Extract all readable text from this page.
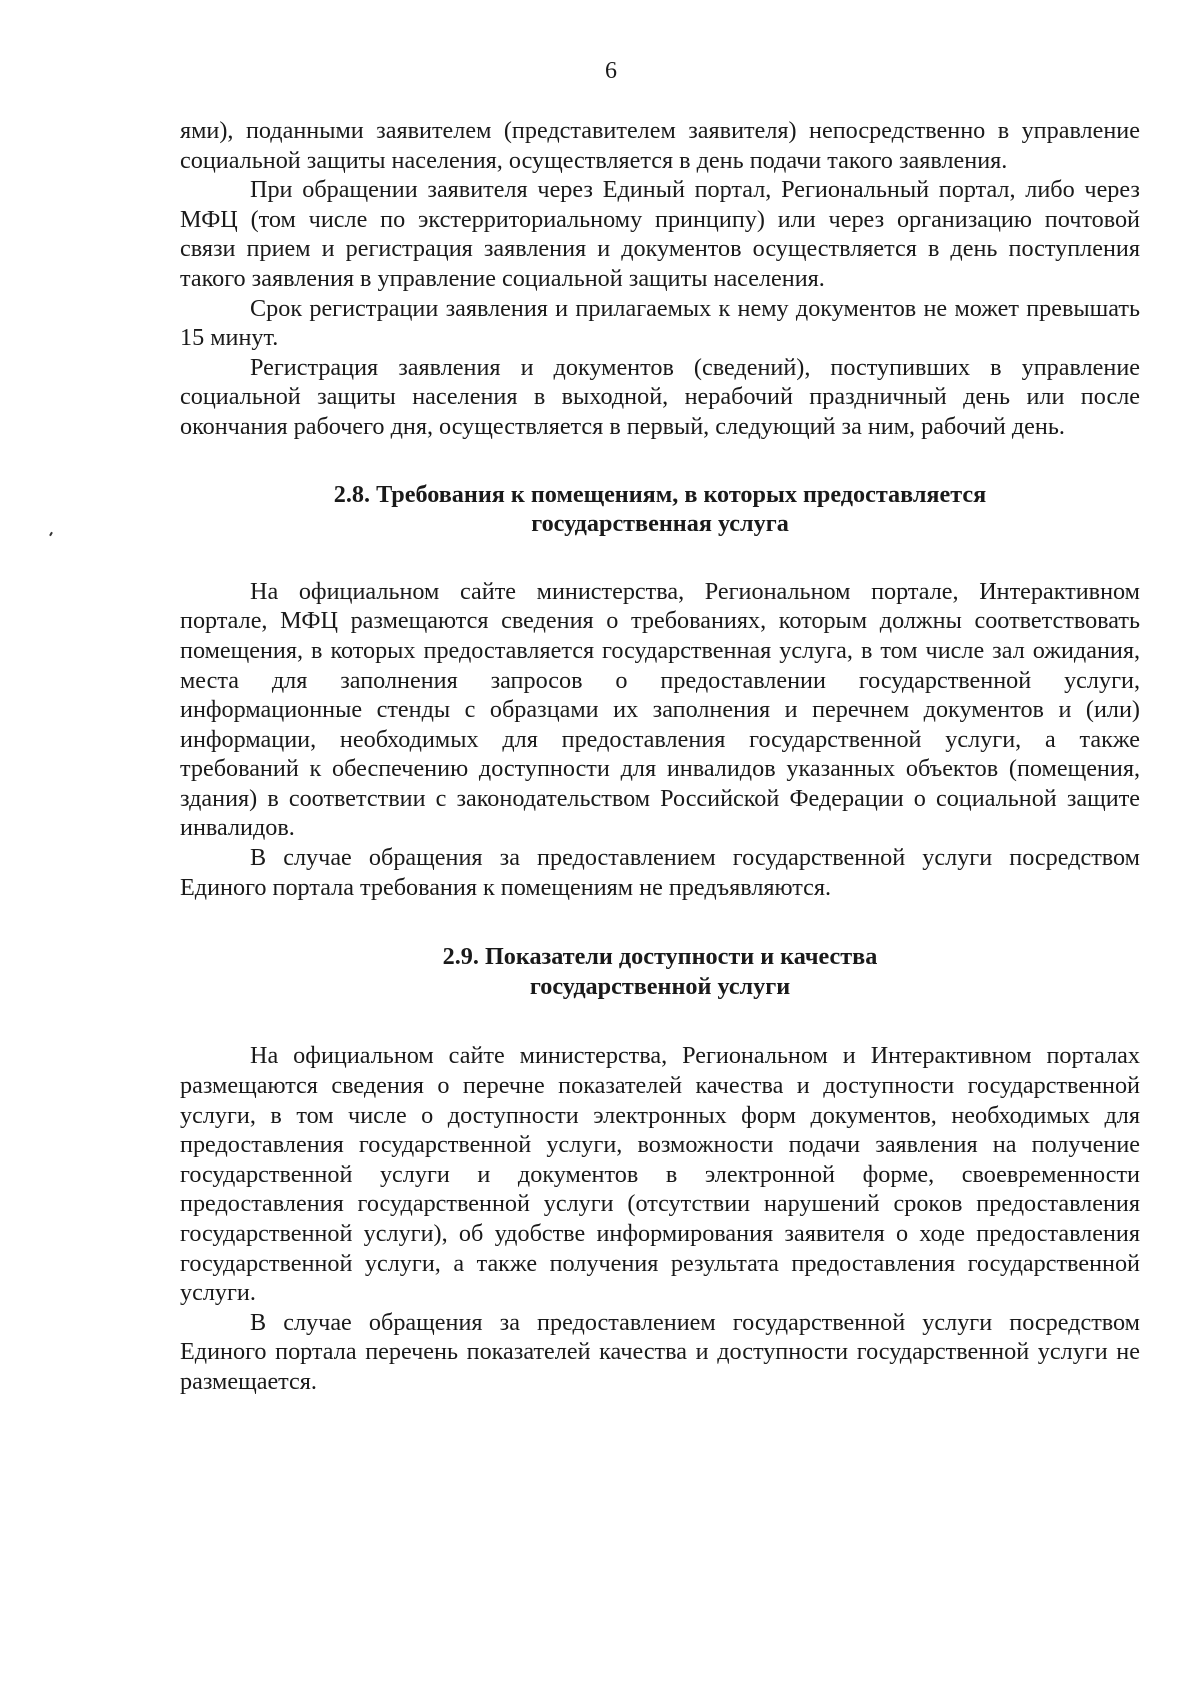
6

ями), поданными заявителем (представителем заявителя) непосредственно в управление социальной защиты населения, осуществляется в день подачи такого заявления.

При обращении заявителя через Единый портал, Региональный портал, либо через МФЦ (том числе по экстерриториальному принципу) или через организацию почтовой связи прием и регистрация заявления и документов осуществляется в день поступления такого заявления в управление социальной защиты населения.

Срок регистрации заявления и прилагаемых к нему документов не может превышать 15 минут.

Регистрация заявления и документов (сведений), поступивших в управление социальной защиты населения в выходной, нерабочий праздничный день или после окончания рабочего дня, осуществляется в первый, следующий за ним, рабочий день.

2.8. Требования к помещениям, в которых предоставляется
государственная услуга

На официальном сайте министерства, Региональном портале, Интерактивном портале, МФЦ размещаются сведения о требованиях, которым должны соответствовать помещения, в которых предоставляется государственная услуга, в том числе зал ожидания, места для заполнения запросов о предоставлении государственной услуги, информационные стенды с образцами их заполнения и перечнем документов и (или) информации, необходимых для предоставления государственной услуги, а также требований к обеспечению доступности для инвалидов указанных объектов (помещения, здания) в соответствии с законодательством Российской Федерации о социальной защите инвалидов.

В случае обращения за предоставлением государственной услуги посредством Единого портала требования к помещениям не предъявляются.

2.9. Показатели доступности и качества
государственной услуги

На официальном сайте министерства, Региональном и Интерактивном порталах размещаются сведения о перечне показателей качества и доступности государственной услуги, в том числе о доступности электронных форм документов, необходимых для предоставления государственной услуги, возможности подачи заявления на получение государственной услуги и документов в электронной форме, своевременности предоставления государственной услуги (отсутствии нарушений сроков предоставления государственной услуги), об удобстве информирования заявителя о ходе предоставления государственной услуги, а также получения результата предоставления государственной услуги.

В случае обращения за предоставлением государственной услуги посредством Единого портала перечень показателей качества и доступности государственной услуги не размещается.
